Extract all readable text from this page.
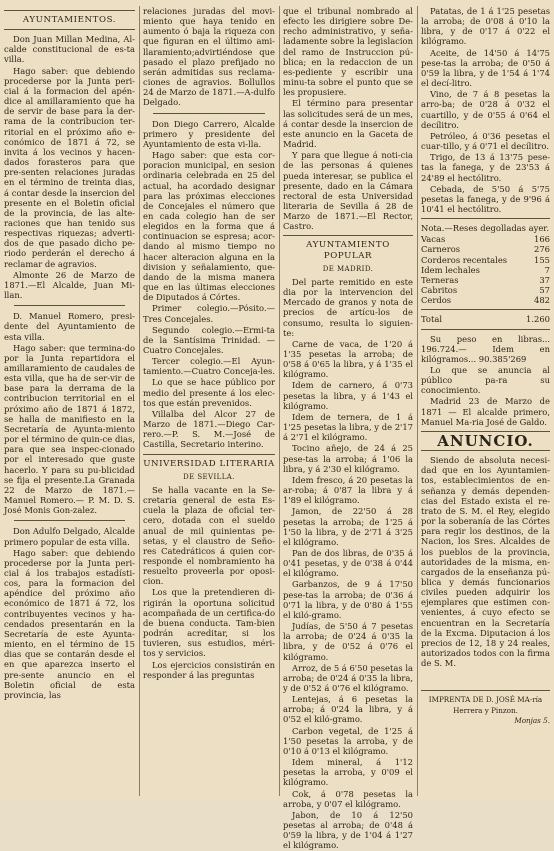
AYUNTAMIENTOS.

Don Juan Millan Medina, Al-calde constitucional de es-ta villa.

Hago saber: que debiendo procederse por la Junta peri-cial á la formacion del apén-dice al amillaramiento que ha de servir de base para la der-rama de la contribucion ter-ritorial en el próximo año e-conómico de 1871 á 72, se invita á los vecinos y hacen-dados forasteros para que pre-senten relaciones juradas en el término de treinta dias, á contar desde la insercion del presente en el Boletin oficial de la provincia, de las alte-raciones que han tenido sus respectivas riquezas; adverti-dos de que pasado dicho pe-riodo perderán el derecho á reclamar de agravios.

Almonte 26 de Marzo de 1871.—El Alcalde, Juan Mi-llan.

D. Manuel Romero, presi-dente del Ayuntamiento de esta villa.

Hago saber: que termina-do por la Junta repartidora el amillaramiento de caudales de esta villa, que ha de ser-vir de base para la derrama de la contribucion territorial en el próximo año de 1871 á 1872, se halla de manifiesto en la Secretaría de Ayunta-miento por el término de quin-ce dias, para que sea inspec-cionado por el interesado que guste hacerlo. Y para su pu-blicidad se fija el presente.La Granada 22 de Marzo de 1871.—Manuel Romero.— P. M. D. S. José Monis Gon-zalez.

Don Adulfo Delgado, Alcalde primero popular de esta villa.

Hago saber: que debiendo procederse por la Junta peri-cial á los trabajos estadísti-cos, para la formacion del apéndice del próximo año económico de 1871 á 72, los contribuyentes vecinos y ha-cendados presentarán en la Secretaría de este Ayunta-miento, en el término de 15 dias que se contarán desde el en que aparezca inserto el pre-sente anuncio en el Boletin oficial de esta provincia, las

relaciones juradas del movi-miento que haya tenido en aumento ó baja la riqueza con que figuran en el último ami-llaramiento;advirtiéndose que pasado el plazo prefijado no serán admitidas sus reclama-ciones de agravios. Bollullos 24 de Marzo de 1871.—A-dulfo Delgado.

Don Diego Carrero, Alcalde primero y presidente del Ayuntamiento de esta vi-lla.

Hago saber: que esta cor-poracion municipal, en sesion ordinaria celebrada en 25 del actual, ha acordado designar para las próximas elecciones de Concejales el número que en cada colegio han de ser elegidos en la forma que á continuacion se espresa; acor-dando al mismo tiempo no hacer alteracion alguna en la division y señalamiento, que-dando de la misma manera que en las últimas elecciones de Diputados á Córtes.

Primer colegio.—Pósito.— Tres Concejales.

Segundo colegio.—Ermi-ta de la Santísima Trinidad. —Cuatro Concejales.

Tercer colegio.—El Ayun-tamiento.—Cuatro Conceja-les.

Lo que se hace público por medio del presente á los elec-tos que están prevenidos.

Villalba del Alcor 27 de Marzo de 1871.—Diego Car-rero.—P. S. M.—José de Castilla, Secretario interino.

UNIVERSIDAD LITERARIA
DE SEVILLA.

Se halla vacante en la Se-cretaría general de esta Es-cuela la plaza de oficial ter-cero, dotada con el sueldo anual de mil quinientas pe-setas, y el claustro de Seño-res Catedráticos á quien cor-responde el nombramiento ha resuelto proveerla por oposi-cion.

Los que la pretendieren di-rigirán la oportuna solicitud acompañada de un certifica-do de buena conducta. Tam-bien podrán acreditar, si los tuvieren, sus estudios, méri-tos y servicios.

Los ejercicios consistirán en responder á las preguntas

que el tribunal nombrado al efecto les dirigiere sobre De-recho administrativo, y seña-ladamente sobre la legislacion del ramo de Instruccion pú-blica; en la redaccion de un es-pediente y escribir una minu-ta sobre el punto que se les propusiere.

El término para presentar las solicitudes será de un mes, á contar desde la insercion de este anuncio en la Gaceta de Madrid.

Y para que llegue á noti-cia de las personas á quienes pueda interesar, se publica el presente, dado en la Cámara rectoral de esta Universidad literaria de Sevilla á 28 de Marzo de 1871.—El Rector, Castro.

AYUNTAMIENTO POPULAR
DE MADRID.

Del parte remitido en este dia por la intervencion del Mercado de granos y nota de precios de artícu-los de consumo, resulta lo siguien-te:

Carne de vaca, de 1'20 á 1'35 pesetas la arroba; de 0'58 á 0'65 la libra, y á 1'35 el kilógramo.

Idem de carnero, á 0'73 pesetas la libra, y á 1'43 el kilógramo.

Idem de ternera, de 1 á 1'25 pesetas la libra, y de 2'17 á 2'71 el kilógramo.

Tocino añejo, de 24 á 25 pese-tas la arroba; á 1'06 la libra, y á 2'30 el kilógramo.

Idem fresco, á 20 pesetas la ar-roba; á 0'87 la libra y á 1'89 el kilógramo.

Jamon, de 22'50 á 28 pesetas la arroba; de 1'25 á 1'50 la libra, y de 2'71 á 3'25 el kilógramo.

Pan de dos libras, de 0'35 á 0'41 pesetas, y de 0'38 á 0'44 el kilógramo.

Garbanzos, de 9 á 17'50 pese-tas la arroba; de 0'36 á 0'71 la libra, y de 0'80 á 1'55 el kiló-gramo.

Judías, de 5'50 á 7 pesetas la arroba; de 0'24 á 0'35 la libra, y de 0'52 á 0'76 el kilógramo.

Arroz, de 5 á 6'50 pesetas la arroba; de 0'24 á 0'35 la libra, y de 0'52 á 0'76 el kilógramo.

Lentejas, á 6 pesetas la arroba; á 0'24 la libra, y á 0'52 el kiló-gramo.

Carbon vegetal, de 1'25 á 1'50 pesetas la arroba, y de 0'10 á 0'13 el kilógramo.

Idem mineral, á 1'12 pesetas la arroba, y 0'09 el kilógramo.

Cok, á 0'78 pesetas la arroba, y 0'07 el kilógramo.

Jabon, de 10 á 12'50 pesetas al arroba; de 0'48 á 0'59 la libra, y de 1'04 á 1'27 el kilógramo.

Patatas, de 1 á 1'25 pesetas la arroba; de 0'08 á 0'10 la libra, y de 0'17 á 0'22 el kilógramo.

Aceite, de 14'50 á 14'75 pese-tas la arroba; de 0'50 á 0'59 la libra, y de 1'54 á 1'74 el decí-litro.

Vino, de 7 á 8 pesetas la arro-ba; de 0'28 á 0'32 el cuartillo, y de 0'55 á 0'64 el decílitro.

Petróleo, á 0'36 pesetas el cuar-tillo, y á 0'71 el decílitro.

Trigo, de 13 á 13'75 pese-tas la fanega, y de 23'53 á 24'89 el hectólitro.

Cebada, de 5'50 á 5'75 pesetas la fanega, y de 9'96 á 10'41 el hectólitro.

Nota.—Reses degolladas ayer.

Vacas	166
Carneros	276
Corderos recentales	155
Idem lechales	7
Terneras	37
Cabritos	57
Cerdos	482
Total	1.260

Su peso en libras... 196.724.— Idem en kilógramos... 90.385'269

Lo que se anuncia al público pa-ra su conocimiento.

Madrid 23 de Marzo de 1871 — El alcalde primero, Manuel Ma-ria José de Galdo.

ANUNCIO.

Siendo de absoluta necesi-dad que en los Ayuntamien-tos, establecimientos de en-señanza y demás dependen-cias del Estado exista el re-trato de S. M. el Rey, elegido por la soberanía de las Córtes para regir los destinos, de la Nacion, los Sres. Alcaldes de los pueblos de la provincia, autoridades de la misma, en-cargados de la enseñanza pú-blica y demás funcionarios civiles pueden adquirir los ejemplares que estimen con-venientes, á cuyo efecto se encuentran en la Secretaría de la Excma. Diputacion á los precios de 12, 18 y 24 reales, autorizados todos con la firma de S. M.

IMPRENTA DE D. JOSÉ MA-ría Herrera y Pinzon.
Monjas 5.
